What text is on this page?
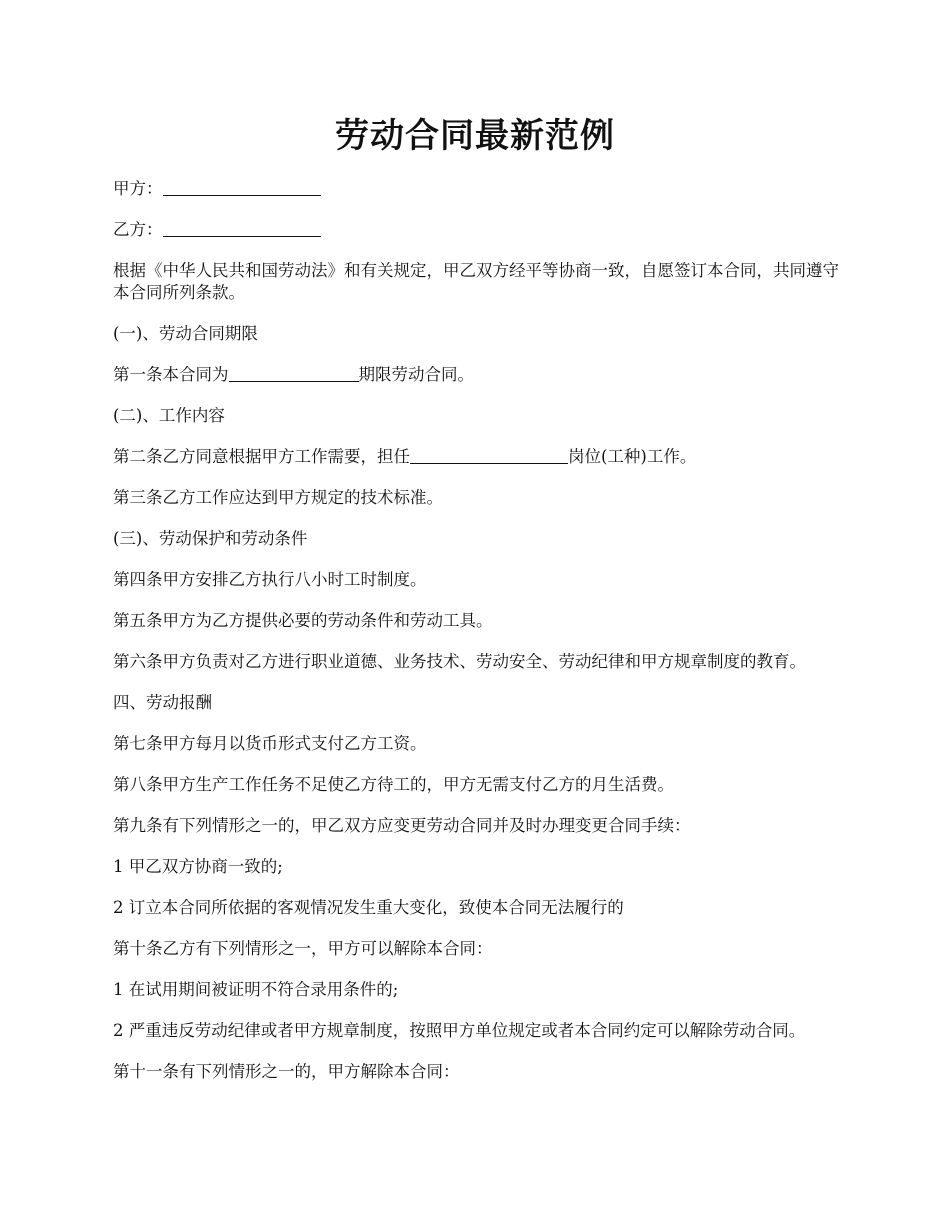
劳动合同最新范例

甲方：

乙方：

根据《中华人民共和国劳动法》和有关规定，甲乙双方经平等协商一致，自愿签订本合同，共同遵守本合同所列条款。

(一)、劳动合同期限

第一条本合同为	期限劳动合同。

(二)、工作内容

第二条乙方同意根据甲方工作需要，担任	岗位(工种)工作。

第三条乙方工作应达到甲方规定的技术标准。

(三)、劳动保护和劳动条件

第四条甲方安排乙方执行八小时工时制度。

第五条甲方为乙方提供必要的劳动条件和劳动工具。

第六条甲方负责对乙方进行职业道德、业务技术、劳动安全、劳动纪律和甲方规章制度的教育。

四、劳动报酬

第七条甲方每月以货币形式支付乙方工资。

第八条甲方生产工作任务不足使乙方待工的，甲方无需支付乙方的月生活费。

第九条有下列情形之一的，甲乙双方应变更劳动合同并及时办理变更合同手续：

1 甲乙双方协商一致的;

2 订立本合同所依据的客观情况发生重大变化，致使本合同无法履行的

第十条乙方有下列情形之一，甲方可以解除本合同：

1 在试用期间被证明不符合录用条件的;

2 严重违反劳动纪律或者甲方规章制度，按照甲方单位规定或者本合同约定可以解除劳动合同。

第十一条有下列情形之一的，甲方解除本合同：
